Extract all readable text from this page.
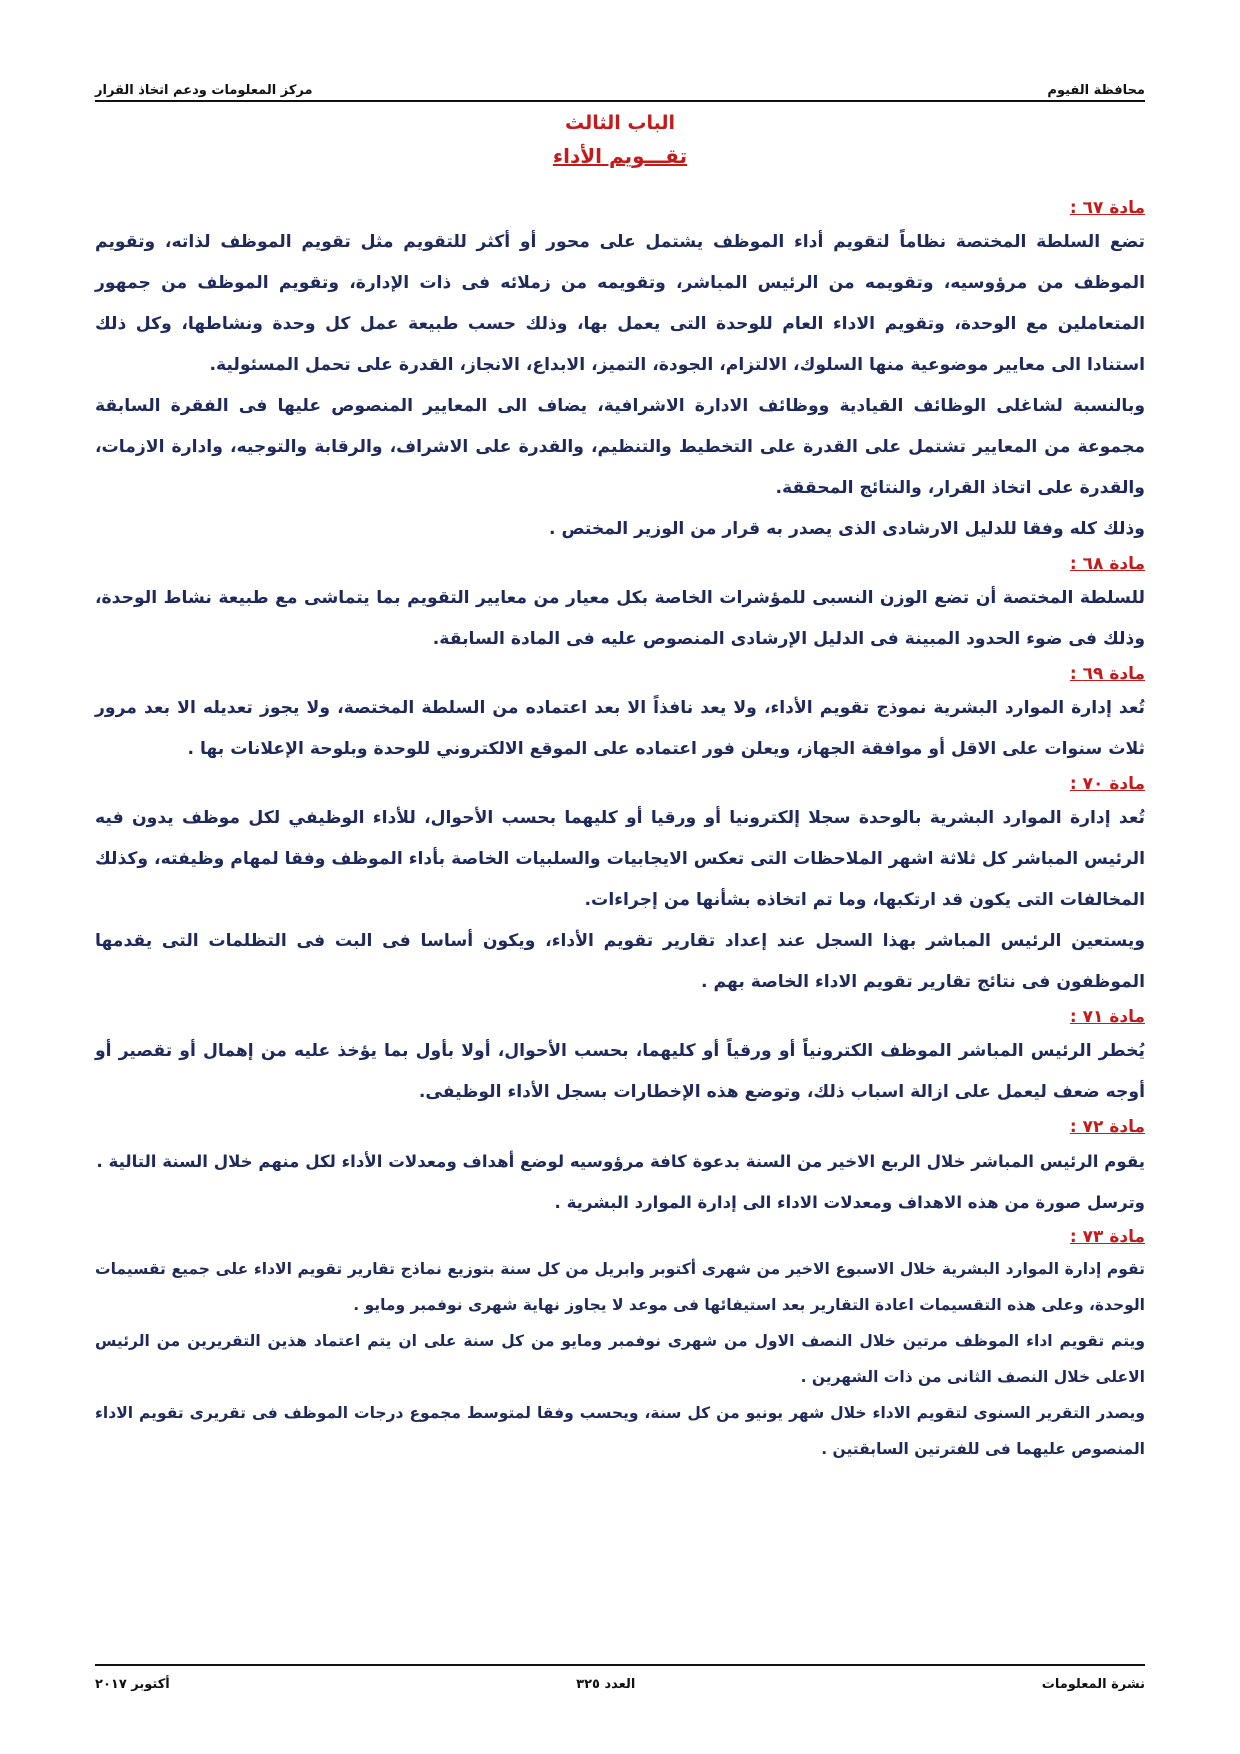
محافظة الفيوم
مركز المعلومات ودعم اتخاذ القرار
الباب الثالث
تقـــويم الأداء
مادة ٦٧ :

تضع السلطة المختصة نظاماً لتقويم أداء الموظف يشتمل على محور أو أكثر للتقويم مثل تقويم الموظف لذاته، وتقويم الموظف من مرؤوسيه، وتقويمه من الرئيس المباشر، وتقويمه من زملائه فى ذات الإدارة، وتقويم الموظف من جمهور المتعاملين مع الوحدة، وتقويم الاداء العام للوحدة التى يعمل بها، وذلك حسب طبيعة عمل كل وحدة ونشاطها، وكل ذلك استنادا الى معايير موضوعية منها السلوك، الالتزام، الجودة، التميز، الابداع، الانجاز، القدرة على تحمل المسئولية.

وبالنسبة لشاغلى الوظائف القيادية ووظائف الادارة الاشرافية، يضاف الى المعايير المنصوص عليها فى الفقرة السابقة مجموعة من المعايير تشتمل على القدرة على التخطيط والتنظيم، والقدرة على الاشراف، والرقابة والتوجيه، وادارة الازمات، والقدرة على اتخاذ القرار، والنتائج المحققة.

وذلك كله وفقا للدليل الارشادى الذى يصدر به قرار من الوزير المختص .

مادة ٦٨ :

للسلطة المختصة أن تضع الوزن النسبى للمؤشرات الخاصة بكل معيار من معايير التقويم بما يتماشى مع طبيعة نشاط الوحدة، وذلك فى ضوء الحدود المبينة فى الدليل الإرشادى المنصوص عليه فى المادة السابقة.

مادة ٦٩ :

تُعد إدارة الموارد البشرية نموذج تقويم الأداء، ولا يعد نافذاً الا بعد اعتماده من السلطة المختصة، ولا يجوز تعديله الا بعد مرور ثلاث سنوات على الاقل أو موافقة الجهاز، ويعلن فور اعتماده على الموقع الالكتروني للوحدة وبلوحة الإعلانات بها .

مادة ٧٠ :

تُعد إدارة الموارد البشرية بالوحدة سجلا إلكترونيا أو ورقيا أو كليهما بحسب الأحوال، للأداء الوظيفي لكل موظف يدون فيه الرئيس المباشر كل ثلاثة اشهر الملاحظات التى تعكس الايجابيات والسلبيات الخاصة بأداء الموظف وفقا لمهام وظيفته، وكذلك المخالفات التى يكون قد ارتكبها، وما تم اتخاذه بشأنها من إجراءات.

ويستعين الرئيس المباشر بهذا السجل عند إعداد تقارير تقويم الأداء، ويكون أساسا فى البت فى التظلمات التى يقدمها الموظفون فى نتائج تقارير تقويم الاداء الخاصة بهم .

مادة ٧١ :

يُخطر الرئيس المباشر الموظف الكترونياً أو ورقياً أو كليهما، بحسب الأحوال، أولا بأول بما يؤخذ عليه من إهمال أو تقصير أو أوجه ضعف ليعمل على ازالة اسباب ذلك، وتوضع هذه الإخطارات بسجل الأداء الوظيفى.

مادة ٧٢ :

يقوم الرئيس المباشر خلال الربع الاخير من السنة بدعوة كافة مرؤوسيه لوضع أهداف ومعدلات الأداء لكل منهم خلال السنة التالية .

وترسل صورة من هذه الاهداف ومعدلات الاداء الى إدارة الموارد البشرية .

مادة ٧٣ :

تقوم إدارة الموارد البشرية خلال الاسبوع الاخير من شهرى أكتوبر وابريل من كل سنة بتوزيع نماذج تقارير تقويم الاداء على جميع تقسيمات الوحدة، وعلى هذه التقسيمات اعادة التقارير بعد استيفائها فى موعد لا يجاوز نهاية شهرى نوفمبر ومايو .

ويتم تقويم اداء الموظف مرتين خلال النصف الاول من شهرى نوفمبر ومايو من كل سنة على ان يتم اعتماد هذين التقريرين من الرئيس الاعلى خلال النصف الثانى من ذات الشهرين .

ويصدر التقرير السنوى لتقويم الاداء خلال شهر يونيو من كل سنة، ويحسب وفقا لمتوسط مجموع درجات الموظف فى تقريرى تقويم الاداء المنصوص عليهما فى للفترتين السابقتين .

نشرة المعلومات
العدد ٣٢٥
أكتوبر ٢٠١٧
